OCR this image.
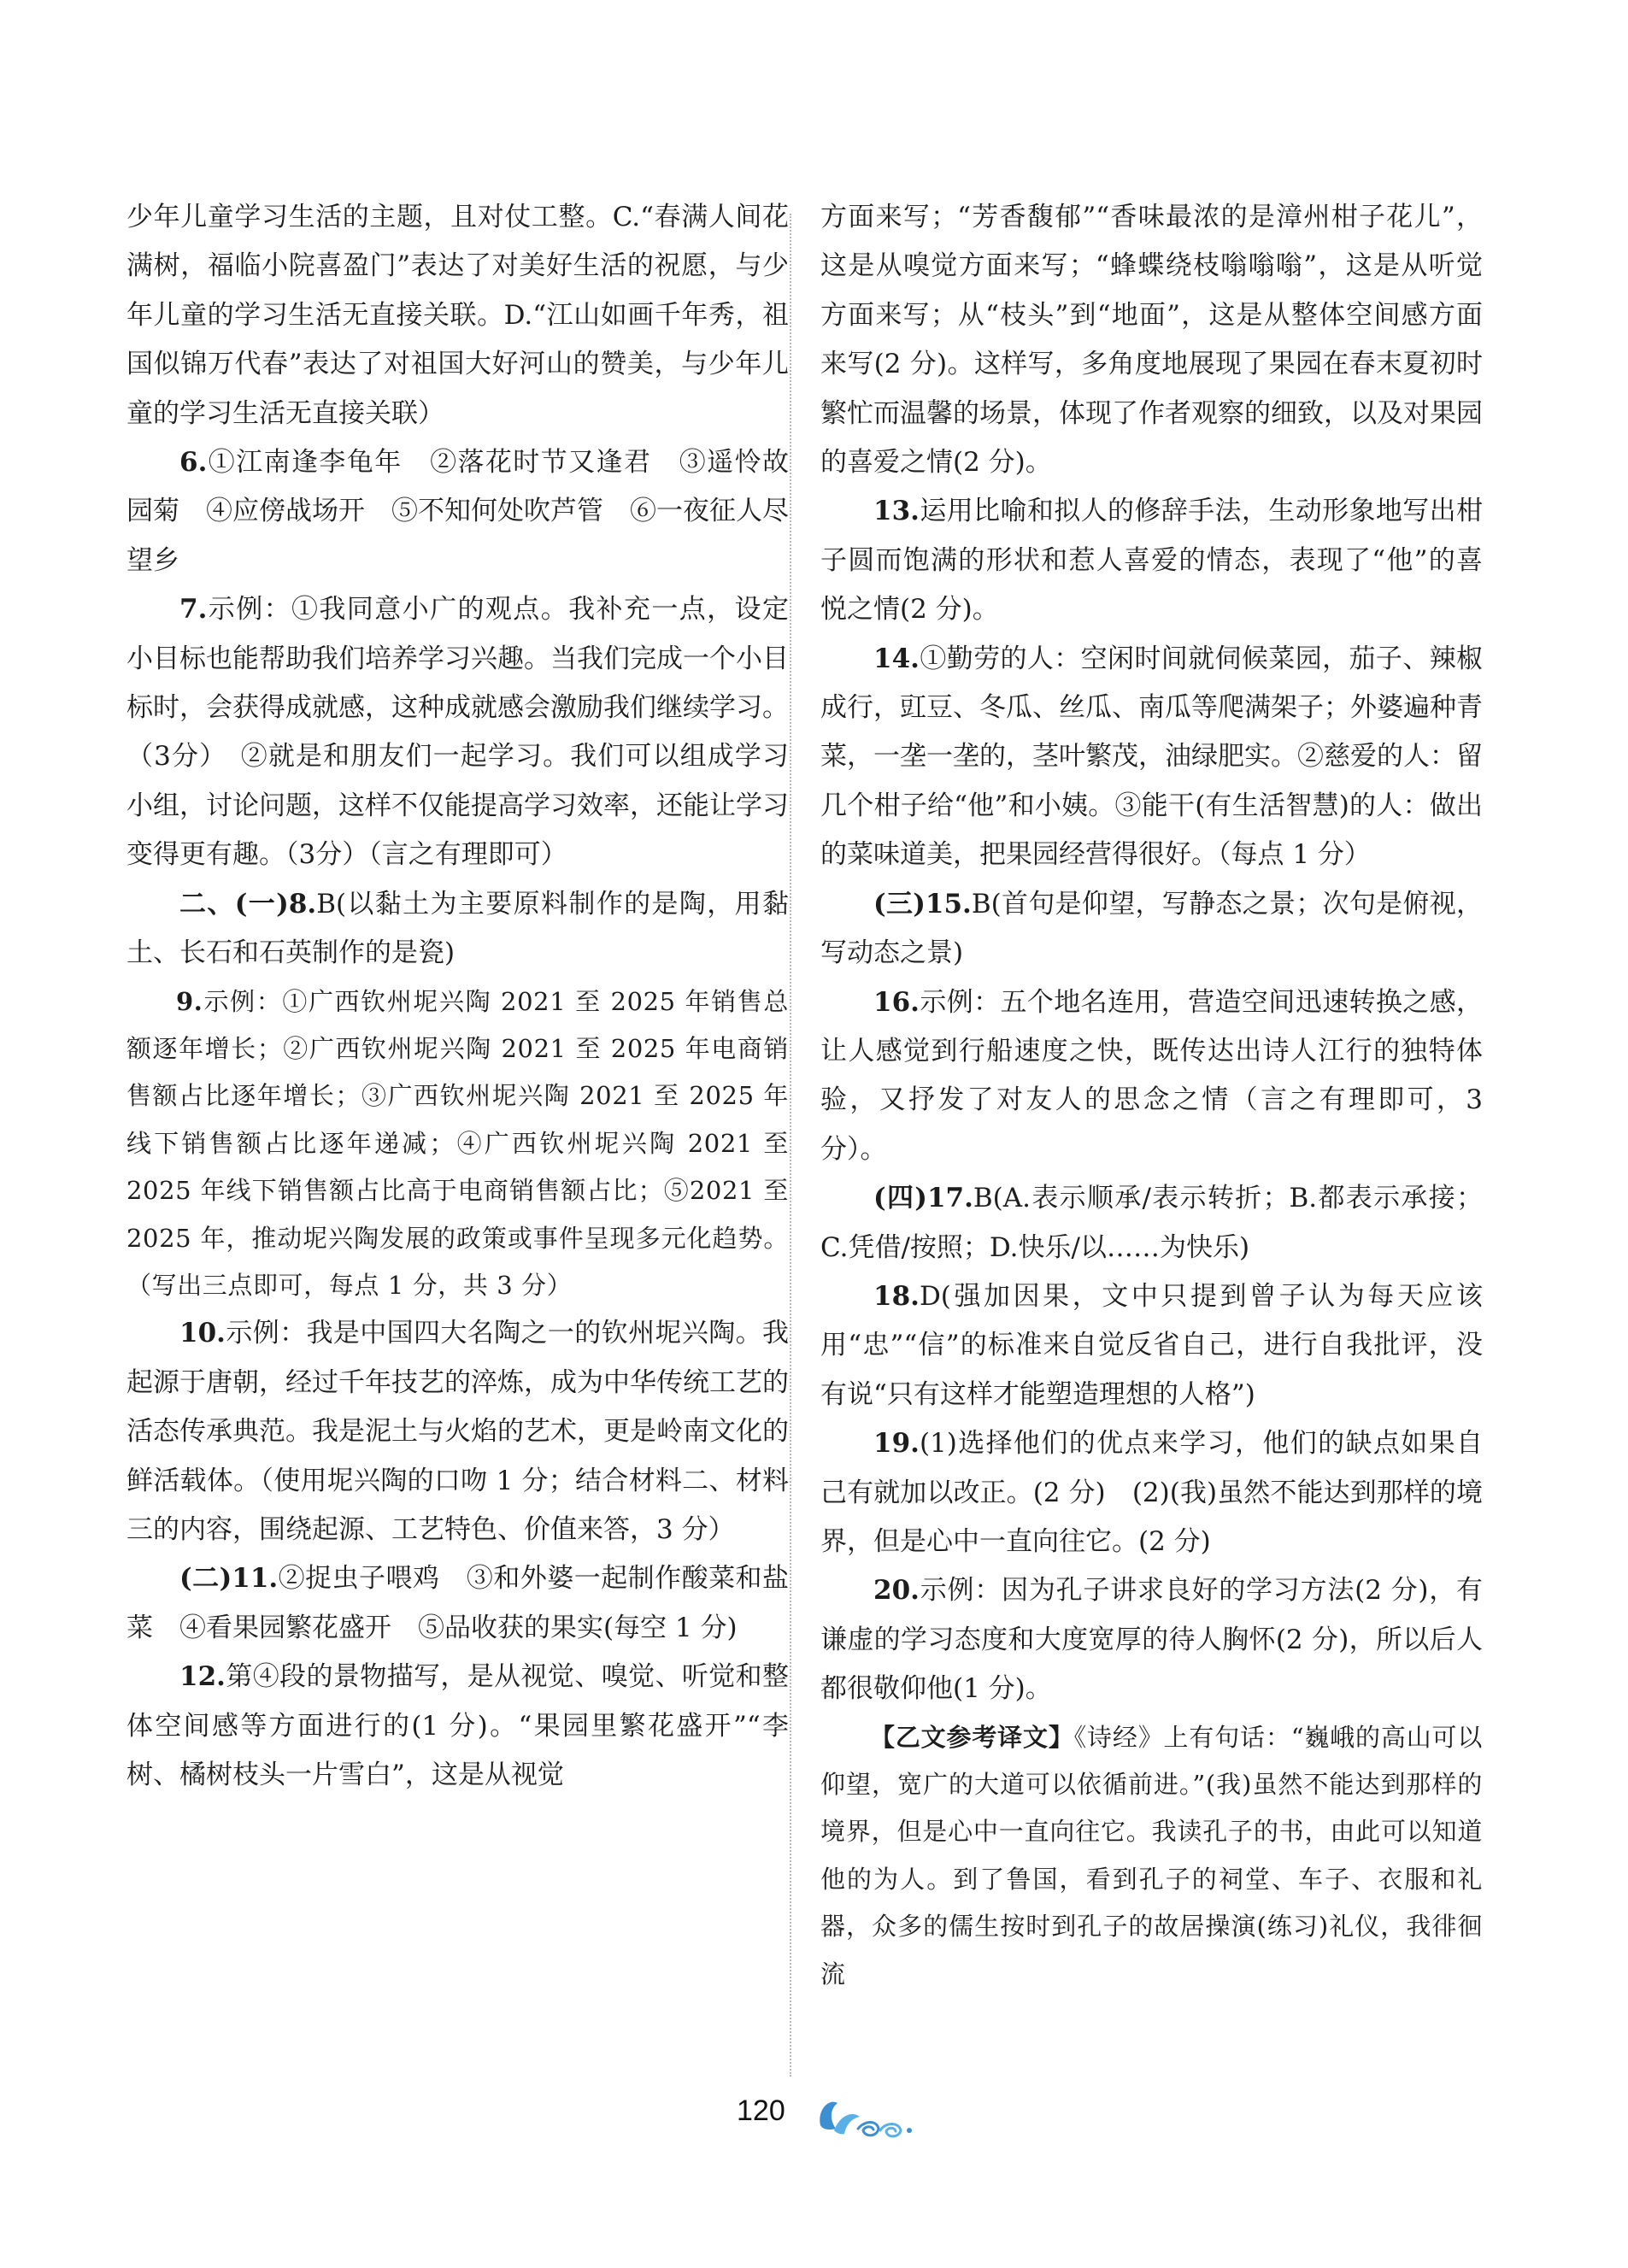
少年儿童学习生活的主题，且对仗工整。C.“春满人间花满树，福临小院喜盈门”表达了对美好生活的祝愿，与少年儿童的学习生活无直接关联。D.“江山如画千年秀，祖国似锦万代春”表达了对祖国大好河山的赞美，与少年儿童的学习生活无直接关联）

6.①江南逢李龟年　②落花时节又逢君　③遥怜故园菊　④应傍战场开　⑤不知何处吹芦管　⑥一夜征人尽望乡

7.示例：①我同意小广的观点。我补充一点，设定小目标也能帮助我们培养学习兴趣。当我们完成一个小目标时，会获得成就感，这种成就感会激励我们继续学习。（3分）　②就是和朋友们一起学习。我们可以组成学习小组，讨论问题，这样不仅能提高学习效率，还能让学习变得更有趣。（3分）（言之有理即可）

二、(一)8.B(以黏土为主要原料制作的是陶，用黏土、长石和石英制作的是瓷)

9.示例：①广西钦州坭兴陶 2021 至 2025 年销售总额逐年增长；②广西钦州坭兴陶 2021 至 2025 年电商销售额占比逐年增长；③广西钦州坭兴陶 2021 至 2025 年线下销售额占比逐年递减；④广西钦州坭兴陶 2021 至 2025 年线下销售额占比高于电商销售额占比；⑤2021 至 2025 年，推动坭兴陶发展的政策或事件呈现多元化趋势。（写出三点即可，每点 1 分，共 3 分）

10.示例：我是中国四大名陶之一的钦州坭兴陶。我起源于唐朝，经过千年技艺的淬炼，成为中华传统工艺的活态传承典范。我是泥土与火焰的艺术，更是岭南文化的鲜活载体。（使用坭兴陶的口吻 1 分；结合材料二、材料三的内容，围绕起源、工艺特色、价值来答，3 分）

(二)11.②捉虫子喂鸡　③和外婆一起制作酸菜和盐菜　④看果园繁花盛开　⑤品收获的果实(每空 1 分)

12.第④段的景物描写，是从视觉、嗅觉、听觉和整体空间感等方面进行的(1 分)。“果园里繁花盛开”“李树、橘树枝头一片雪白”，这是从视觉

方面来写；“芳香馥郁”“香味最浓的是漳州柑子花儿”，这是从嗅觉方面来写；“蜂蝶绕枝嗡嗡嗡”，这是从听觉方面来写；从“枝头”到“地面”，这是从整体空间感方面来写(2 分)。这样写，多角度地展现了果园在春末夏初时繁忙而温馨的场景，体现了作者观察的细致，以及对果园的喜爱之情(2 分)。

13.运用比喻和拟人的修辞手法，生动形象地写出柑子圆而饱满的形状和惹人喜爱的情态，表现了“他”的喜悦之情(2 分)。

14.①勤劳的人：空闲时间就伺候菜园，茄子、辣椒成行，豇豆、冬瓜、丝瓜、南瓜等爬满架子；外婆遍种青菜，一垄一垄的，茎叶繁茂，油绿肥实。②慈爱的人：留几个柑子给“他”和小姨。③能干(有生活智慧)的人：做出的菜味道美，把果园经营得很好。（每点 1 分）

(三)15.B(首句是仰望，写静态之景；次句是俯视，写动态之景)

16.示例：五个地名连用，营造空间迅速转换之感，让人感觉到行船速度之快，既传达出诗人江行的独特体验，又抒发了对友人的思念之情（言之有理即可，3 分）。

(四)17.B(A.表示顺承/表示转折；B.都表示承接；C.凭借/按照；D.快乐/以……为快乐)

18.D(强加因果，文中只提到曾子认为每天应该用“忠”“信”的标准来自觉反省自己，进行自我批评，没有说“只有这样才能塑造理想的人格”)

19.(1)选择他们的优点来学习，他们的缺点如果自己有就加以改正。(2 分)　(2)(我)虽然不能达到那样的境界，但是心中一直向往它。(2 分)

20.示例：因为孔子讲求良好的学习方法(2 分)，有谦虚的学习态度和大度宽厚的待人胸怀(2 分)，所以后人都很敬仰他(1 分)。

【乙文参考译文】《诗经》上有句话：“巍峨的高山可以仰望，宽广的大道可以依循前进。”(我)虽然不能达到那样的境界，但是心中一直向往它。我读孔子的书，由此可以知道他的为人。到了鲁国，看到孔子的祠堂、车子、衣服和礼器，众多的儒生按时到孔子的故居操演(练习)礼仪，我徘徊流

120
